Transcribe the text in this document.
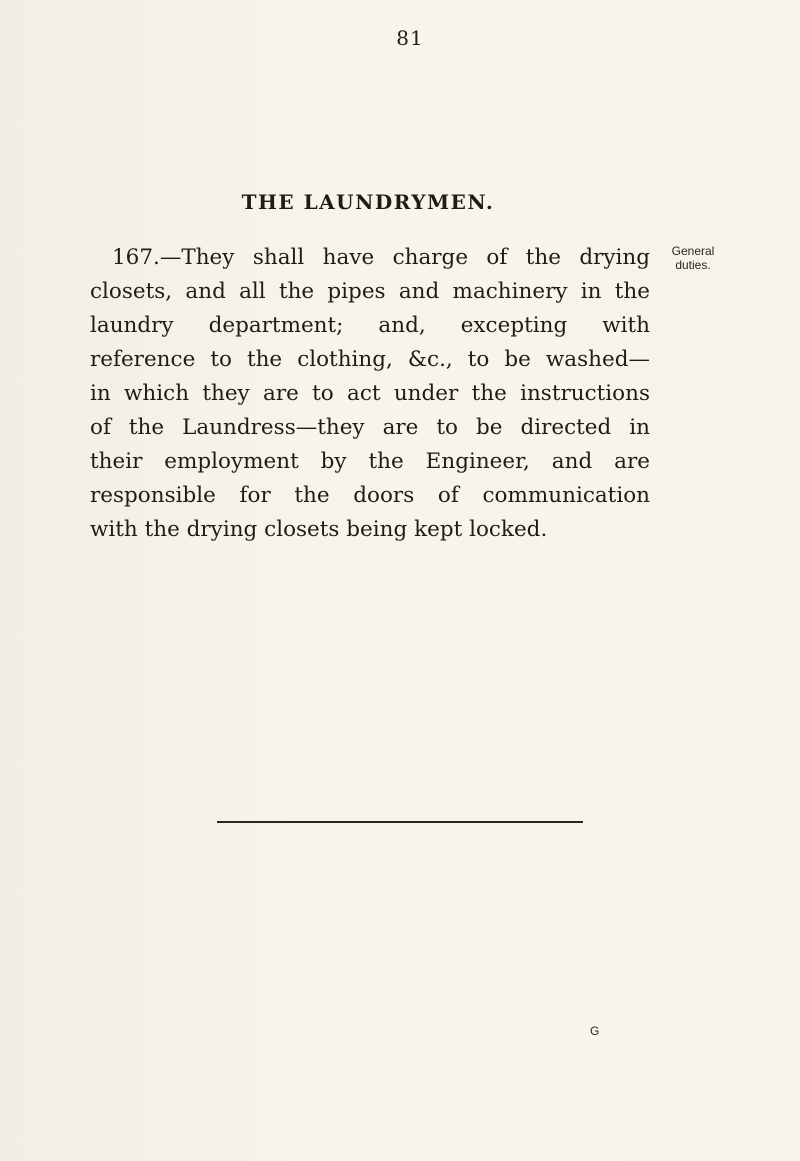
81
THE LAUNDRYMEN.
167.—They shall have charge of the drying
closets, and all the pipes and machinery in the
laundry department; and, excepting with
reference to the clothing, &c., to be washed—
in which they are to act under the instructions
of the Laundress—they are to be directed in
their employment by the Engineer, and are
responsible for the doors of communication
with the drying closets being kept locked.
General
duties.
G
